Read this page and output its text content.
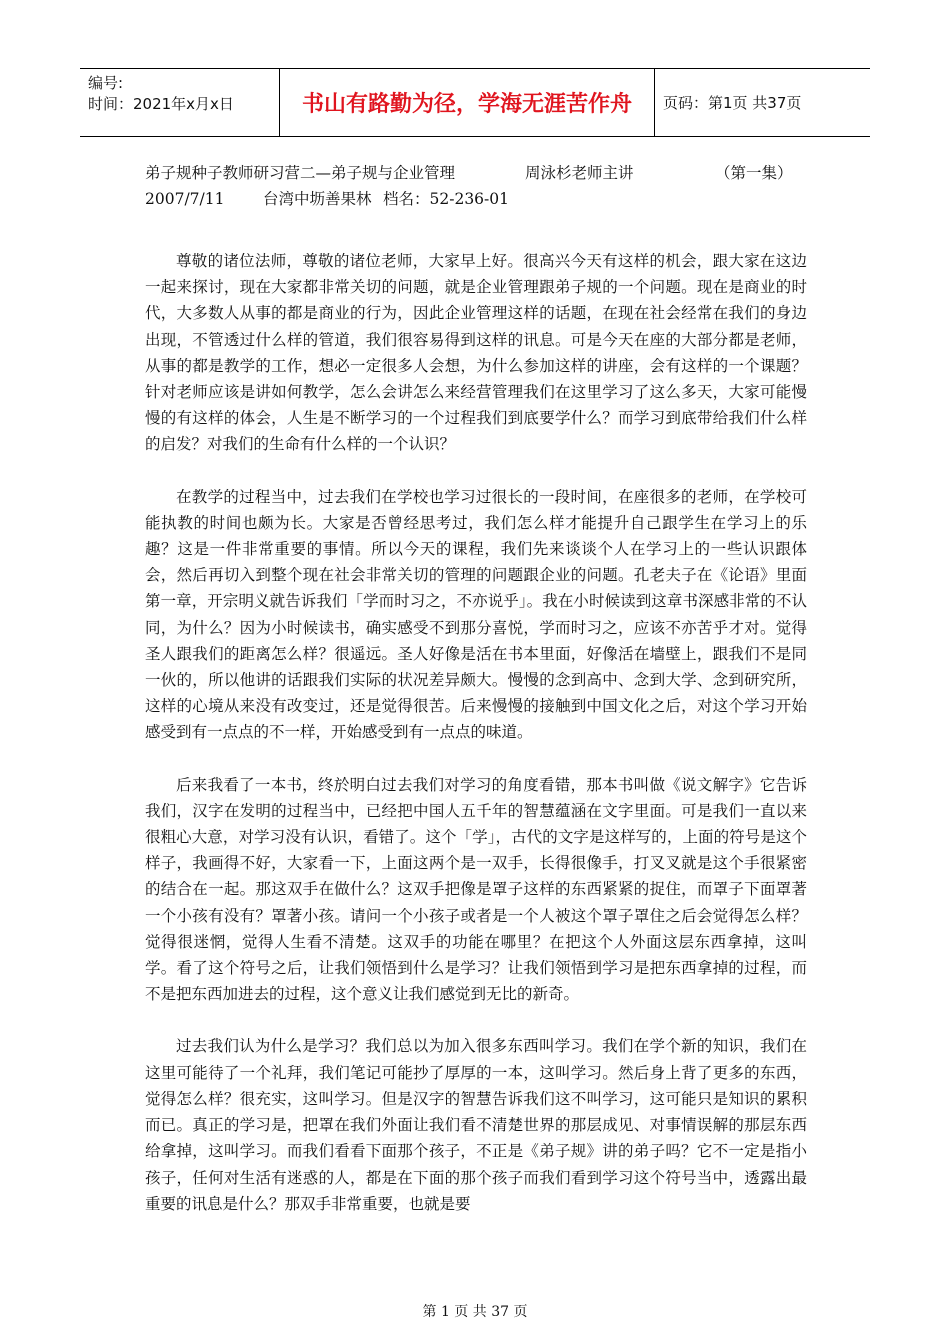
编号:
时间：2021年x月x日	书山有路勤为径，学海无涯苦作舟	页码：第1页 共37页
弟子规种子教师研习营二—弟子规与企业管理	周泳杉老师主讲	（第一集）
2007/7/11	台湾中坜善果林 档名：52-236-01

尊敬的诸位法师，尊敬的诸位老师，大家早上好。很高兴今天有这样的机会，跟大家在这边一起来探讨，现在大家都非常关切的问题，就是企业管理跟弟子规的一个问题。现在是商业的时代，大多数人从事的都是商业的行为，因此企业管理这样的话题，在现在社会经常在我们的身边出现，不管透过什么样的管道，我们很容易得到这样的讯息。可是今天在座的大部分都是老师，从事的都是教学的工作，想必一定很多人会想，为什么参加这样的讲座，会有这样的一个课题？针对老师应该是讲如何教学，怎么会讲怎么来经营管理我们在这里学习了这么多天，大家可能慢慢的有这样的体会，人生是不断学习的一个过程我们到底要学什么？而学习到底带给我们什么样的启发？对我们的生命有什么样的一个认识？

在教学的过程当中，过去我们在学校也学习过很长的一段时间，在座很多的老师，在学校可能执教的时间也颇为长。大家是否曾经思考过，我们怎么样才能提升自己跟学生在学习上的乐趣？这是一件非常重要的事情。所以今天的课程，我们先来谈谈个人在学习上的一些认识跟体会，然后再切入到整个现在社会非常关切的管理的问题跟企业的问题。孔老夫子在《论语》里面第一章，开宗明义就告诉我们「学而时习之，不亦说乎」。我在小时候读到这章书深感非常的不认同，为什么？因为小时候读书，确实感受不到那分喜悦，学而时习之，应该不亦苦乎才对。觉得圣人跟我们的距离怎么样？很遥远。圣人好像是活在书本里面，好像活在墙壁上，跟我们不是同一伙的，所以他讲的话跟我们实际的状况差异颇大。慢慢的念到高中、念到大学、念到研究所，这样的心境从来没有改变过，还是觉得很苦。后来慢慢的接触到中国文化之后，对这个学习开始感受到有一点点的不一样，开始感受到有一点点的味道。

后来我看了一本书，终於明白过去我们对学习的角度看错，那本书叫做《说文解字》它告诉我们，汉字在发明的过程当中，已经把中国人五千年的智慧蕴涵在文字里面。可是我们一直以来很粗心大意，对学习没有认识，看错了。这个「学」，古代的文字是这样写的，上面的符号是这个样子，我画得不好，大家看一下，上面这两个是一双手，长得很像手，打叉叉就是这个手很紧密的结合在一起。那这双手在做什么？这双手把像是罩子这样的东西紧紧的捉住，而罩子下面罩著一个小孩有没有？罩著小孩。请问一个小孩子或者是一个人被这个罩子罩住之后会觉得怎么样？觉得很迷惘，觉得人生看不清楚。这双手的功能在哪里？在把这个人外面这层东西拿掉，这叫学。看了这个符号之后，让我们领悟到什么是学习？让我们领悟到学习是把东西拿掉的过程，而不是把东西加进去的过程，这个意义让我们感觉到无比的新奇。

过去我们认为什么是学习？我们总以为加入很多东西叫学习。我们在学个新的知识，我们在这里可能待了一个礼拜，我们笔记可能抄了厚厚的一本，这叫学习。然后身上背了更多的东西，觉得怎么样？很充实，这叫学习。但是汉字的智慧告诉我们这不叫学习，这可能只是知识的累积而已。真正的学习是，把罩在我们外面让我们看不清楚世界的那层成见、对事情误解的那层东西给拿掉，这叫学习。而我们看看下面那个孩子，不正是《弟子规》讲的弟子吗？它不一定是指小孩子，任何对生活有迷惑的人，都是在下面的那个孩子而我们看到学习这个符号当中，透露出最重要的讯息是什么？那双手非常重要，也就是要

第 1 页 共 37 页
